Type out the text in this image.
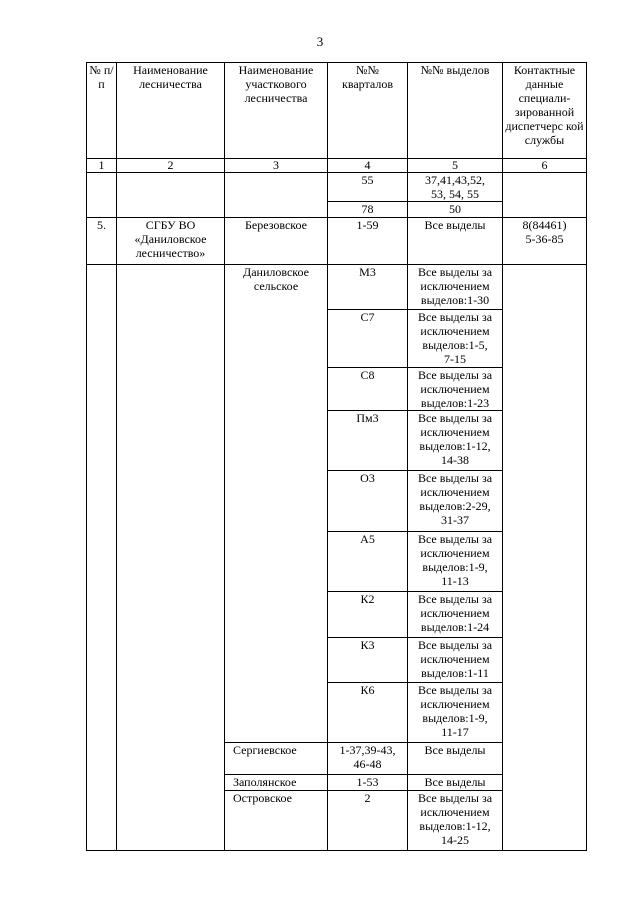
3
№ п/п	Наименование лесничества	Наименование участкового лесничества	№№ кварталов	№№ выделов	Контактные данные специали-зированной диспетчерс кой службы
1	2	3	4	5	6
			55	37,41,43,52,
53, 54, 55	
			78	50	
5.	СГБУ ВО
«Даниловское
лесничество»	Березовское	1-59	Все выделы	8(84461)
5-36-85
		Даниловское
сельское	М3	Все выделы за
исключением
выделов:1-30	
			С7	Все выделы за
исключением
выделов:1-5,
7-15	
			С8	Все выделы за
исключением
выделов:1-23	
			Пм3	Все выделы за
исключением
выделов:1-12,
14-38	
			О3	Все выделы за
исключением
выделов:2-29,
31-37	
			А5	Все выделы за
исключением
выделов:1-9,
11-13	
			К2	Все выделы за
исключением
выделов:1-24	
			К3	Все выделы за
исключением
выделов:1-11	
			К6	Все выделы за
исключением
выделов:1-9,
11-17	
		Сергиевское	1-37,39-43,
46-48	Все выделы	
		Заполянское	1-53	Все выделы	
		Островское	2	Все выделы за
исключением
выделов:1-12,
14-25	
